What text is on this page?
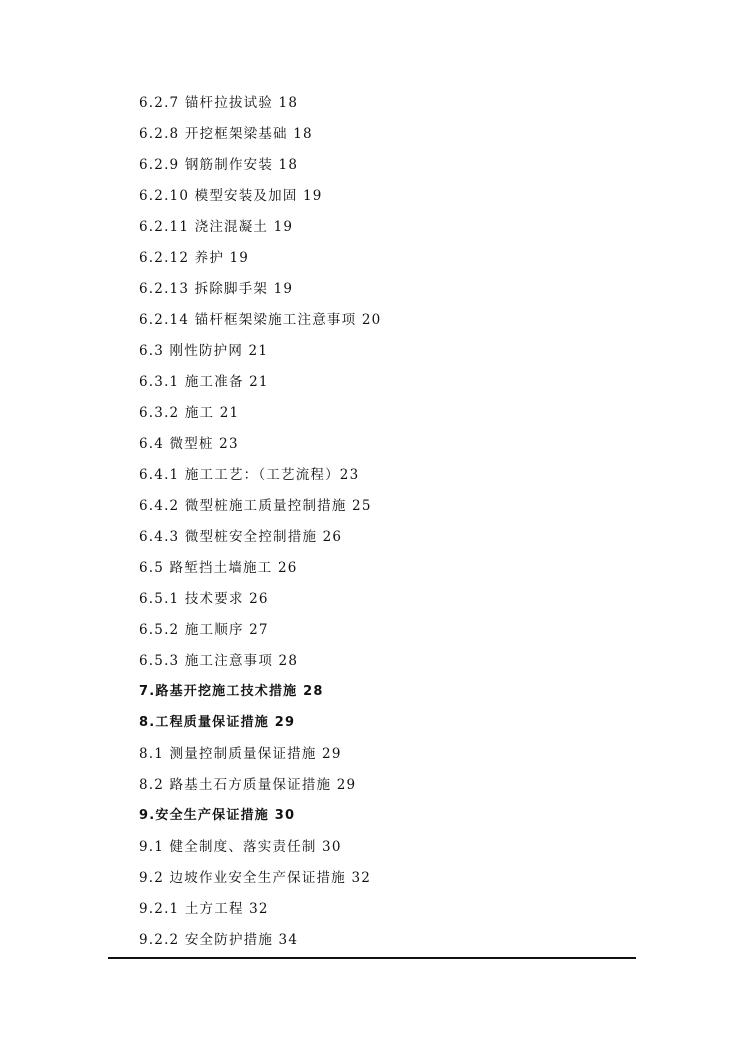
6.2.7 锚杆拉拔试验 18
6.2.8 开挖框架梁基础 18
6.2.9 钢筋制作安装 18
6.2.10 模型安装及加固 19
6.2.11 浇注混凝土 19
6.2.12 养护 19
6.2.13 拆除脚手架 19
6.2.14 锚杆框架梁施工注意事项 20
6.3 刚性防护网 21
6.3.1 施工准备 21
6.3.2 施工 21
6.4 微型桩 23
6.4.1 施工工艺：（工艺流程）23
6.4.2 微型桩施工质量控制措施 25
6.4.3 微型桩安全控制措施 26
6.5 路堑挡土墙施工 26
6.5.1 技术要求 26
6.5.2 施工顺序 27
6.5.3 施工注意事项 28
7.路基开挖施工技术措施 28
8.工程质量保证措施 29
8.1 测量控制质量保证措施 29
8.2 路基土石方质量保证措施 29
9.安全生产保证措施 30
9.1 健全制度、落实责任制 30
9.2 边坡作业安全生产保证措施 32
9.2.1 土方工程 32
9.2.2 安全防护措施 34
